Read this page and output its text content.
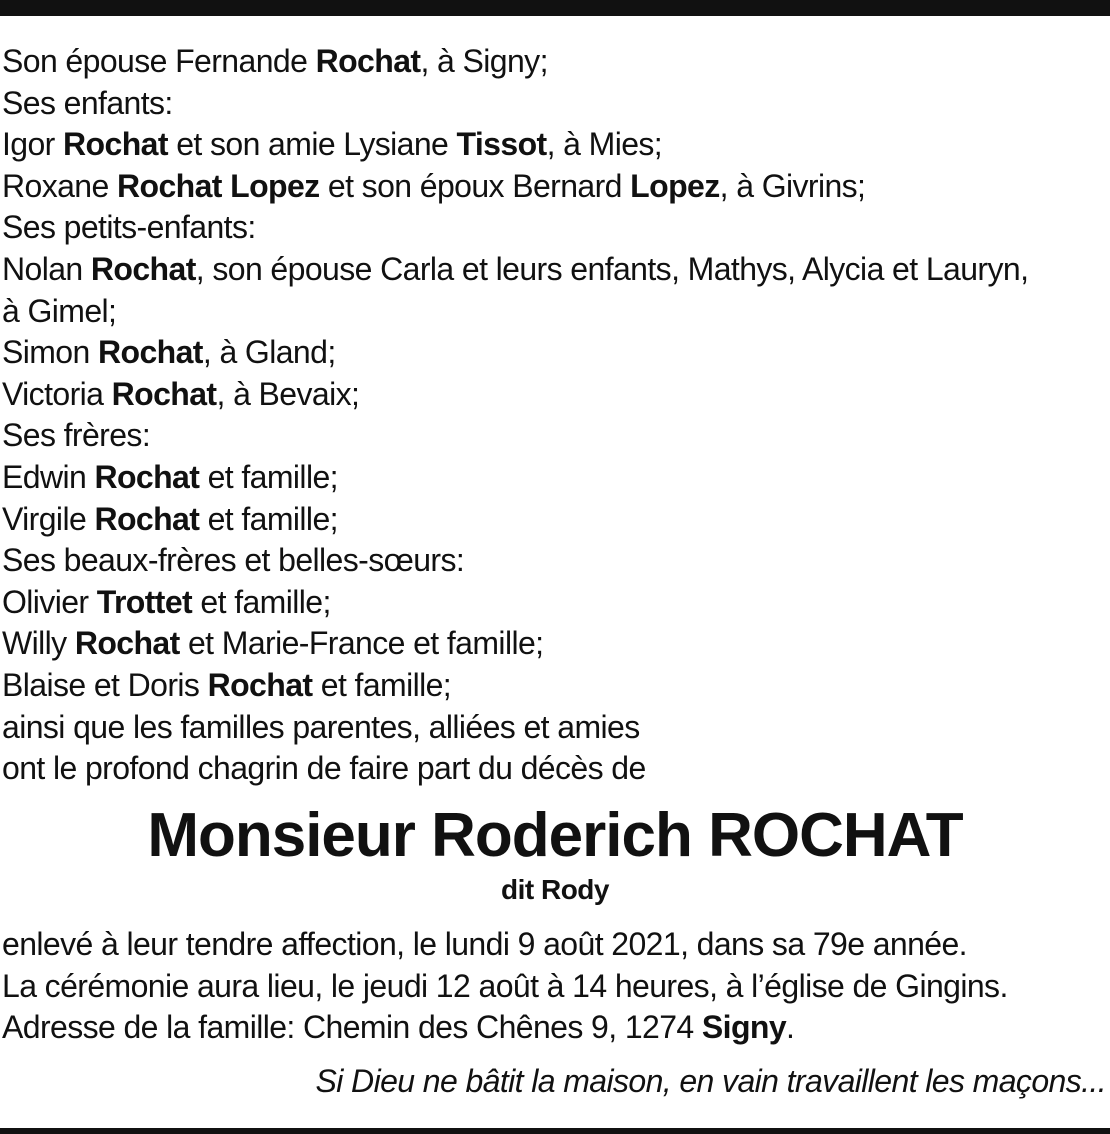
Son épouse Fernande Rochat, à Signy;
Ses enfants:
Igor Rochat et son amie Lysiane Tissot, à Mies;
Roxane Rochat Lopez et son époux Bernard Lopez, à Givrins;
Ses petits-enfants:
Nolan Rochat, son épouse Carla et leurs enfants, Mathys, Alycia et Lauryn,
à Gimel;
Simon Rochat, à Gland;
Victoria Rochat, à Bevaix;
Ses frères:
Edwin Rochat et famille;
Virgile Rochat et famille;
Ses beaux-frères et belles-sœurs:
Olivier Trottet et famille;
Willy Rochat et Marie-France et famille;
Blaise et Doris Rochat et famille;
ainsi que les familles parentes, alliées et amies
ont le profond chagrin de faire part du décès de
Monsieur Roderich ROCHAT
dit Rody
enlevé à leur tendre affection, le lundi 9 août 2021, dans sa 79e année.
La cérémonie aura lieu, le jeudi 12 août à 14 heures, à l’église de Gingins.
Adresse de la famille: Chemin des Chênes 9, 1274 Signy.
Si Dieu ne bâtit la maison, en vain travaillent les maçons...
